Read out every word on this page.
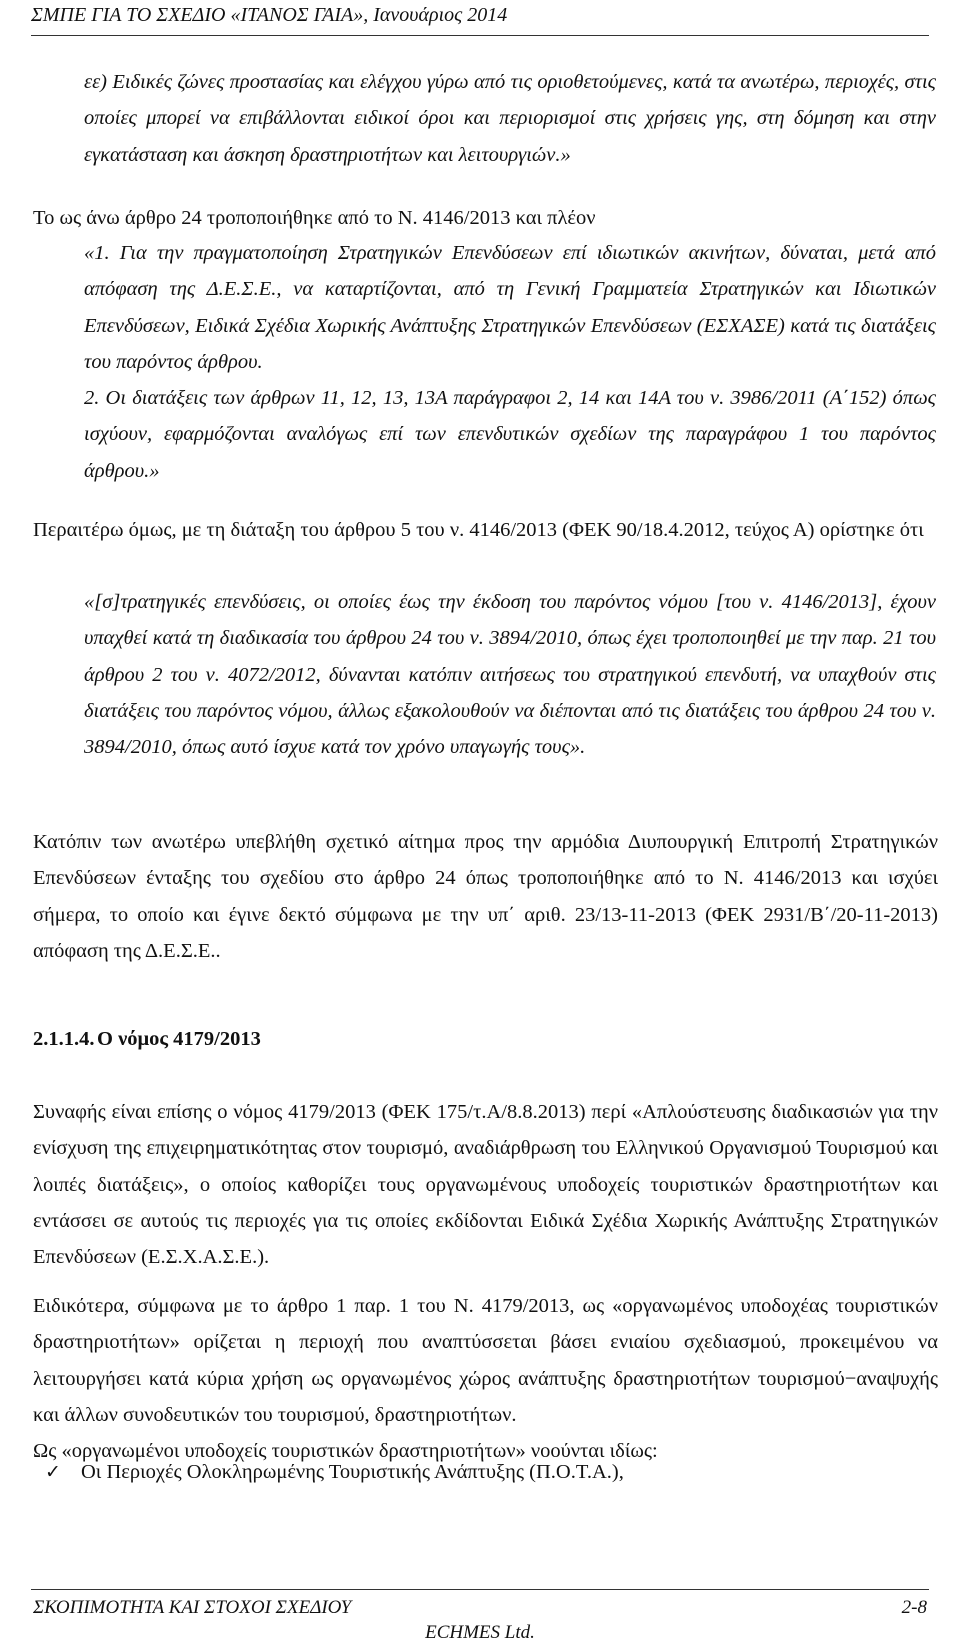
ΣΜΠΕ ΓΙΑ ΤΟ ΣΧΕΔΙΟ «ΙΤΑΝΟΣ ΓΑΙΑ», Ιανουάριος 2014

εε) Ειδικές ζώνες προστασίας και ελέγχου γύρω από τις οριοθετούμενες, κατά τα ανωτέρω, περιοχές, στις οποίες μπορεί να επιβάλλονται ειδικοί όροι και περιορισμοί στις χρήσεις γης, στη δόμηση και στην εγκατάσταση και άσκηση δραστηριοτήτων και λειτουργιών.»

Το ως άνω άρθρο 24 τροποποιήθηκε από το Ν. 4146/2013 και πλέον

«1. Για την πραγματοποίηση Στρατηγικών Επενδύσεων επί ιδιωτικών ακινήτων, δύναται, μετά από απόφαση της Δ.Ε.Σ.Ε., να καταρτίζονται, από τη Γενική Γραμματεία Στρατηγικών και Ιδιωτικών Επενδύσεων, Ειδικά Σχέδια Χωρικής Ανάπτυξης Στρατηγικών Επενδύσεων (ΕΣΧΑΣΕ) κατά τις διατάξεις του παρόντος άρθρου.

2. Οι διατάξεις των άρθρων 11, 12, 13, 13Α παράγραφοι 2, 14 και 14Α του ν. 3986/2011 (Α΄152) όπως ισχύουν, εφαρμόζονται αναλόγως επί των επενδυτικών σχεδίων της παραγράφου 1 του παρόντος άρθρου.»

Περαιτέρω όμως, με τη διάταξη του άρθρου 5 του ν. 4146/2013 (ΦΕΚ 90/18.4.2012, τεύχος Α) ορίστηκε ότι

«[σ]τρατηγικές επενδύσεις, οι οποίες έως την έκδοση του παρόντος νόμου [του ν. 4146/2013], έχουν υπαχθεί κατά τη διαδικασία του άρθρου 24 του ν. 3894/2010, όπως έχει τροποποιηθεί με την παρ. 21 του άρθρου 2 του ν. 4072/2012, δύνανται κατόπιν αιτήσεως του στρατηγικού επενδυτή, να υπαχθούν στις διατάξεις του παρόντος νόμου, άλλως εξακολουθούν να διέπονται από τις διατάξεις του άρθρου 24 του ν. 3894/2010, όπως αυτό ίσχυε κατά τον χρόνο υπαγωγής τους».

Κατόπιν των ανωτέρω υπεβλήθη σχετικό αίτημα προς την αρμόδια Διυπουργική Επιτροπή Στρατηγικών Επενδύσεων ένταξης του σχεδίου στο άρθρο 24 όπως τροποποιήθηκε από το Ν. 4146/2013 και ισχύει σήμερα, το οποίο και έγινε δεκτό σύμφωνα με την υπ΄ αριθ. 23/13-11-2013 (ΦΕΚ 2931/Β΄/20-11-2013) απόφαση της Δ.Ε.Σ.Ε..

2.1.1.4. Ο νόμος 4179/2013

Συναφής είναι επίσης ο νόμος 4179/2013 (ΦΕΚ 175/τ.Α/8.8.2013) περί «Απλούστευσης διαδικασιών για την ενίσχυση της επιχειρηματικότητας στον τουρισμό, αναδιάρθρωση του Ελληνικού Οργανισμού Τουρισμού και λοιπές διατάξεις», ο οποίος καθορίζει τους οργανωμένους υποδοχείς τουριστικών δραστηριοτήτων και εντάσσει σε αυτούς τις περιοχές για τις οποίες εκδίδονται Ειδικά Σχέδια Χωρικής Ανάπτυξης Στρατηγικών Επενδύσεων (Ε.Σ.Χ.Α.Σ.Ε.).

Ειδικότερα, σύμφωνα με το άρθρο 1 παρ. 1 του Ν. 4179/2013, ως «οργανωμένος υποδοχέας τουριστικών δραστηριοτήτων» ορίζεται η περιοχή που αναπτύσσεται βάσει ενιαίου σχεδιασμού, προκειμένου να λειτουργήσει κατά κύρια χρήση ως οργανωμένος χώρος ανάπτυξης δραστηριοτήτων τουρισμού−αναψυχής και άλλων συνοδευτικών του τουρισμού, δραστηριοτήτων.

Ως «οργανωμένοι υποδοχείς τουριστικών δραστηριοτήτων» νοούνται ιδίως:

✓ Οι Περιοχές Ολοκληρωμένης Τουριστικής Ανάπτυξης (Π.Ο.Τ.Α.),
ΣΚΟΠΙΜΟΤΗΤΑ ΚΑΙ ΣΤΟΧΟΙ ΣΧΕΔΙΟΥ	2-8
ECHMES Ltd.
